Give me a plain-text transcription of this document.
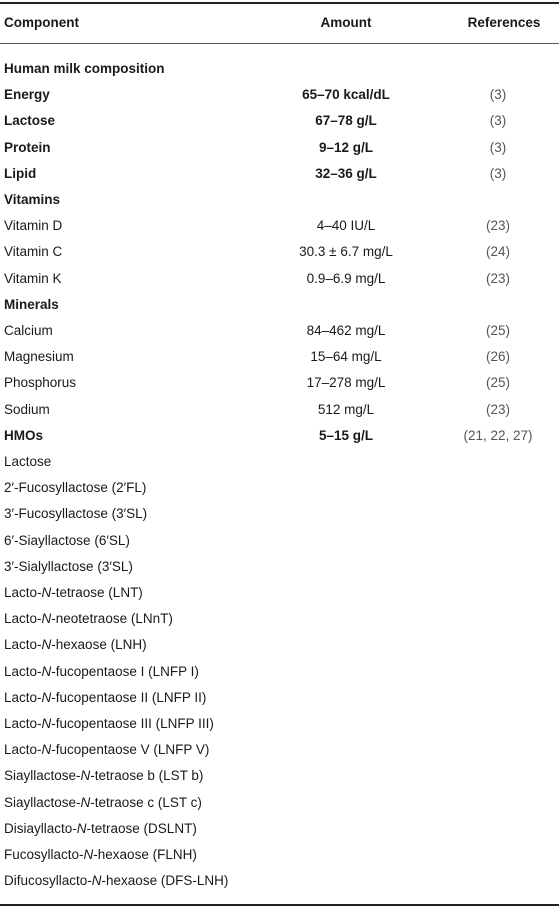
Component	Amount	References
Human milk composition
Energy	65–70 kcal/dL	(3)
Lactose	67–78 g/L	(3)
Protein	9–12 g/L	(3)
Lipid	32–36 g/L	(3)
Vitamins
Vitamin D	4–40 IU/L	(23)
Vitamin C	30.3 ± 6.7 mg/L	(24)
Vitamin K	0.9–6.9 mg/L	(23)
Minerals
Calcium	84–462 mg/L	(25)
Magnesium	15–64 mg/L	(26)
Phosphorus	17–278 mg/L	(25)
Sodium	512 mg/L	(23)
HMOs	5–15 g/L	(21, 22, 27)
Lactose
2′-Fucosyllactose (2′FL)
3′-Fucosyllactose (3′SL)
6′-Siayllactose (6′SL)
3′-Sialyllactose (3′SL)
Lacto-N-tetraose (LNT)
Lacto-N-neotetraose (LNnT)
Lacto-N-hexaose (LNH)
Lacto-N-fucopentaose I (LNFP I)
Lacto-N-fucopentaose II (LNFP II)
Lacto-N-fucopentaose III (LNFP III)
Lacto-N-fucopentaose V (LNFP V)
Siayllactose-N-tetraose b (LST b)
Siayllactose-N-tetraose c (LST c)
Disiayllacto-N-tetraose (DSLNT)
Fucosyllacto-N-hexaose (FLNH)
Difucosyllacto-N-hexaose (DFS-LNH)
